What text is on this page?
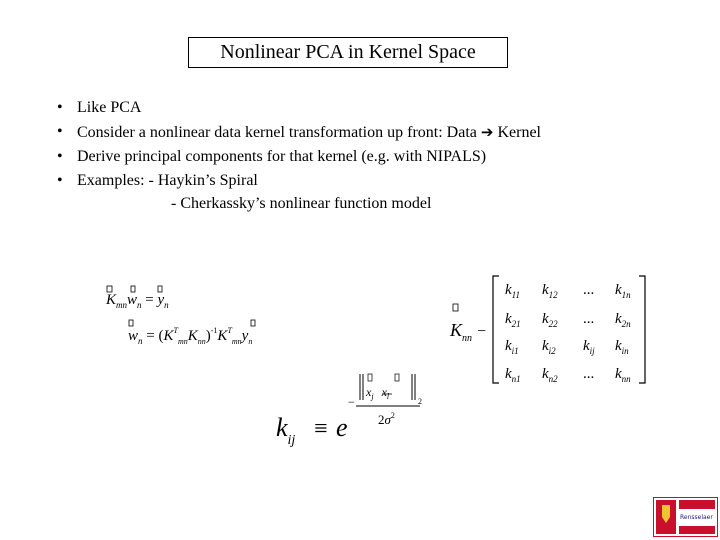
Nonlinear PCA in Kernel Space
• Like PCA
• Consider a nonlinear data kernel transformation up front: Data ➔ Kernel
• Derive principal components for that kernel (e.g. with NIPALS)
• Examples: - Haykin’s Spiral
- Cherkassky’s nonlinear function model
$K_{mn}w_n = y_n$
$w_n = (K^T_{mn}K_{nn})^{-1}K^T_{mn}y_n$
$K_{nn}$ −
$k_{11}$ $k_{12}$ ... $k_{1n}$
$k_{21}$ $k_{22}$ ... $k_{2n}$
$k_{i1}$ $k_{i2}$ $k_{ij}$ $k_{in}$
$k_{n1}$ $k_{n2}$ ... $k_{nn}$
$k_{ij} \equiv e$
−
$x_j$ $x_l$
2
$2\sigma^2$
Rensselaer
